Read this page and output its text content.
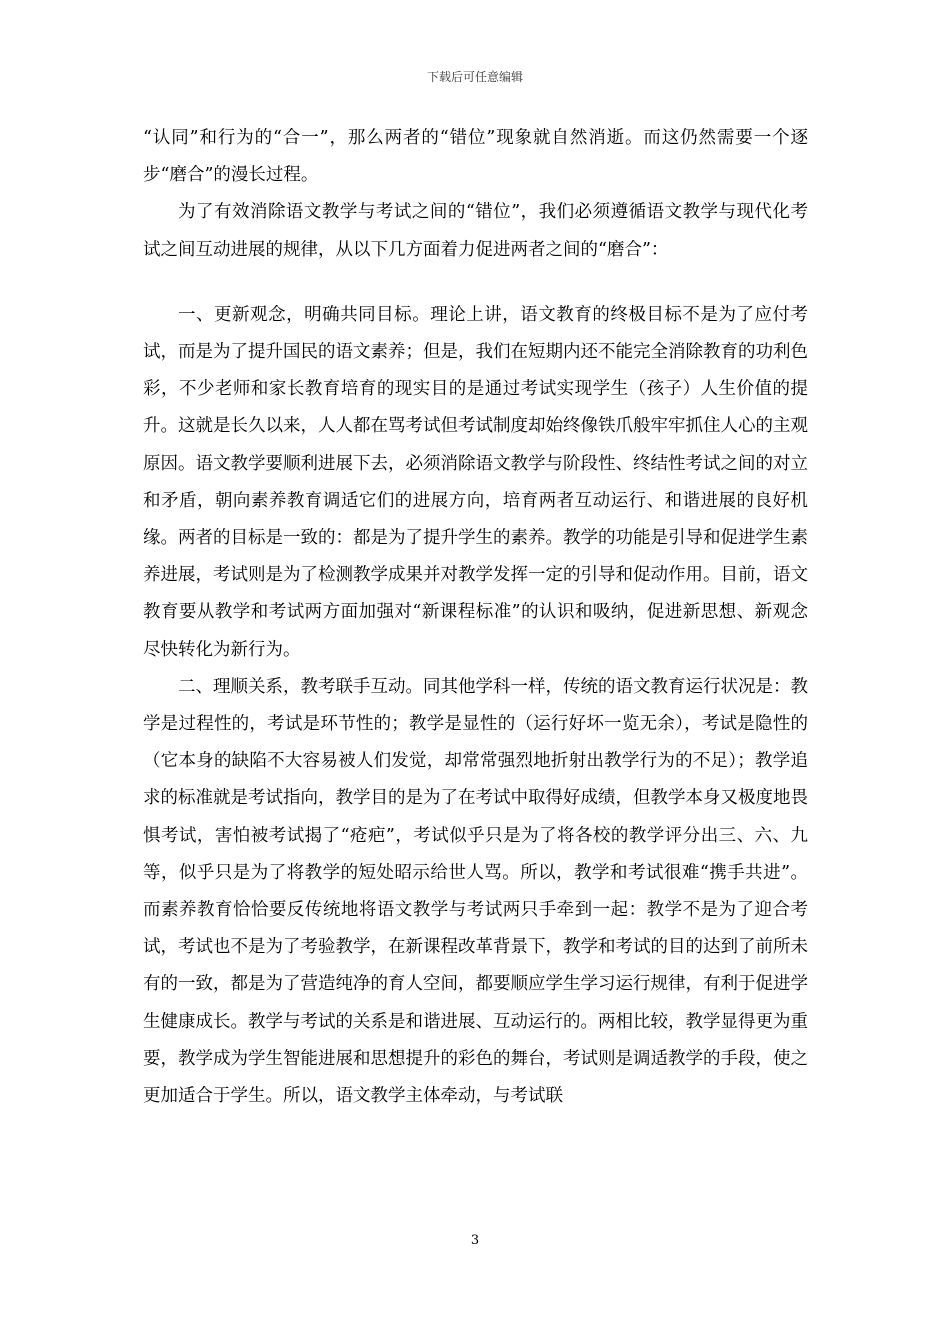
下载后可任意编辑

“认同”和行为的“合一”，那么两者的“错位”现象就自然消逝。而这仍然需要一个逐步“磨合”的漫长过程。

为了有效消除语文教学与考试之间的“错位”，我们必须遵循语文教学与现代化考试之间互动进展的规律，从以下几方面着力促进两者之间的“磨合”：

一、更新观念，明确共同目标。理论上讲，语文教育的终极目标不是为了应付考试，而是为了提升国民的语文素养；但是，我们在短期内还不能完全消除教育的功利色彩，不少老师和家长教育培育的现实目的是通过考试实现学生（孩子）人生价值的提升。这就是长久以来，人人都在骂考试但考试制度却始终像铁爪般牢牢抓住人心的主观原因。语文教学要顺利进展下去，必须消除语文教学与阶段性、终结性考试之间的对立和矛盾，朝向素养教育调适它们的进展方向，培育两者互动运行、和谐进展的良好机缘。两者的目标是一致的：都是为了提升学生的素养。教学的功能是引导和促进学生素养进展，考试则是为了检测教学成果并对教学发挥一定的引导和促动作用。目前，语文教育要从教学和考试两方面加强对“新课程标准”的认识和吸纳，促进新思想、新观念尽快转化为新行为。

二、理顺关系，教考联手互动。同其他学科一样，传统的语文教育运行状况是：教学是过程性的，考试是环节性的；教学是显性的（运行好坏一览无余），考试是隐性的（它本身的缺陷不大容易被人们发觉，却常常强烈地折射出教学行为的不足）；教学追求的标准就是考试指向，教学目的是为了在考试中取得好成绩，但教学本身又极度地畏惧考试，害怕被考试揭了“疮疤”，考试似乎只是为了将各校的教学评分出三、六、九等，似乎只是为了将教学的短处昭示给世人骂。所以，教学和考试很难“携手共进”。而素养教育恰恰要反传统地将语文教学与考试两只手牵到一起：教学不是为了迎合考试，考试也不是为了考验教学，在新课程改革背景下，教学和考试的目的达到了前所未有的一致，都是为了营造纯净的育人空间，都要顺应学生学习运行规律，有利于促进学生健康成长。教学与考试的关系是和谐进展、互动运行的。两相比较，教学显得更为重要，教学成为学生智能进展和思想提升的彩色的舞台，考试则是调适教学的手段，使之更加适合于学生。所以，语文教学主体牵动，与考试联

3
